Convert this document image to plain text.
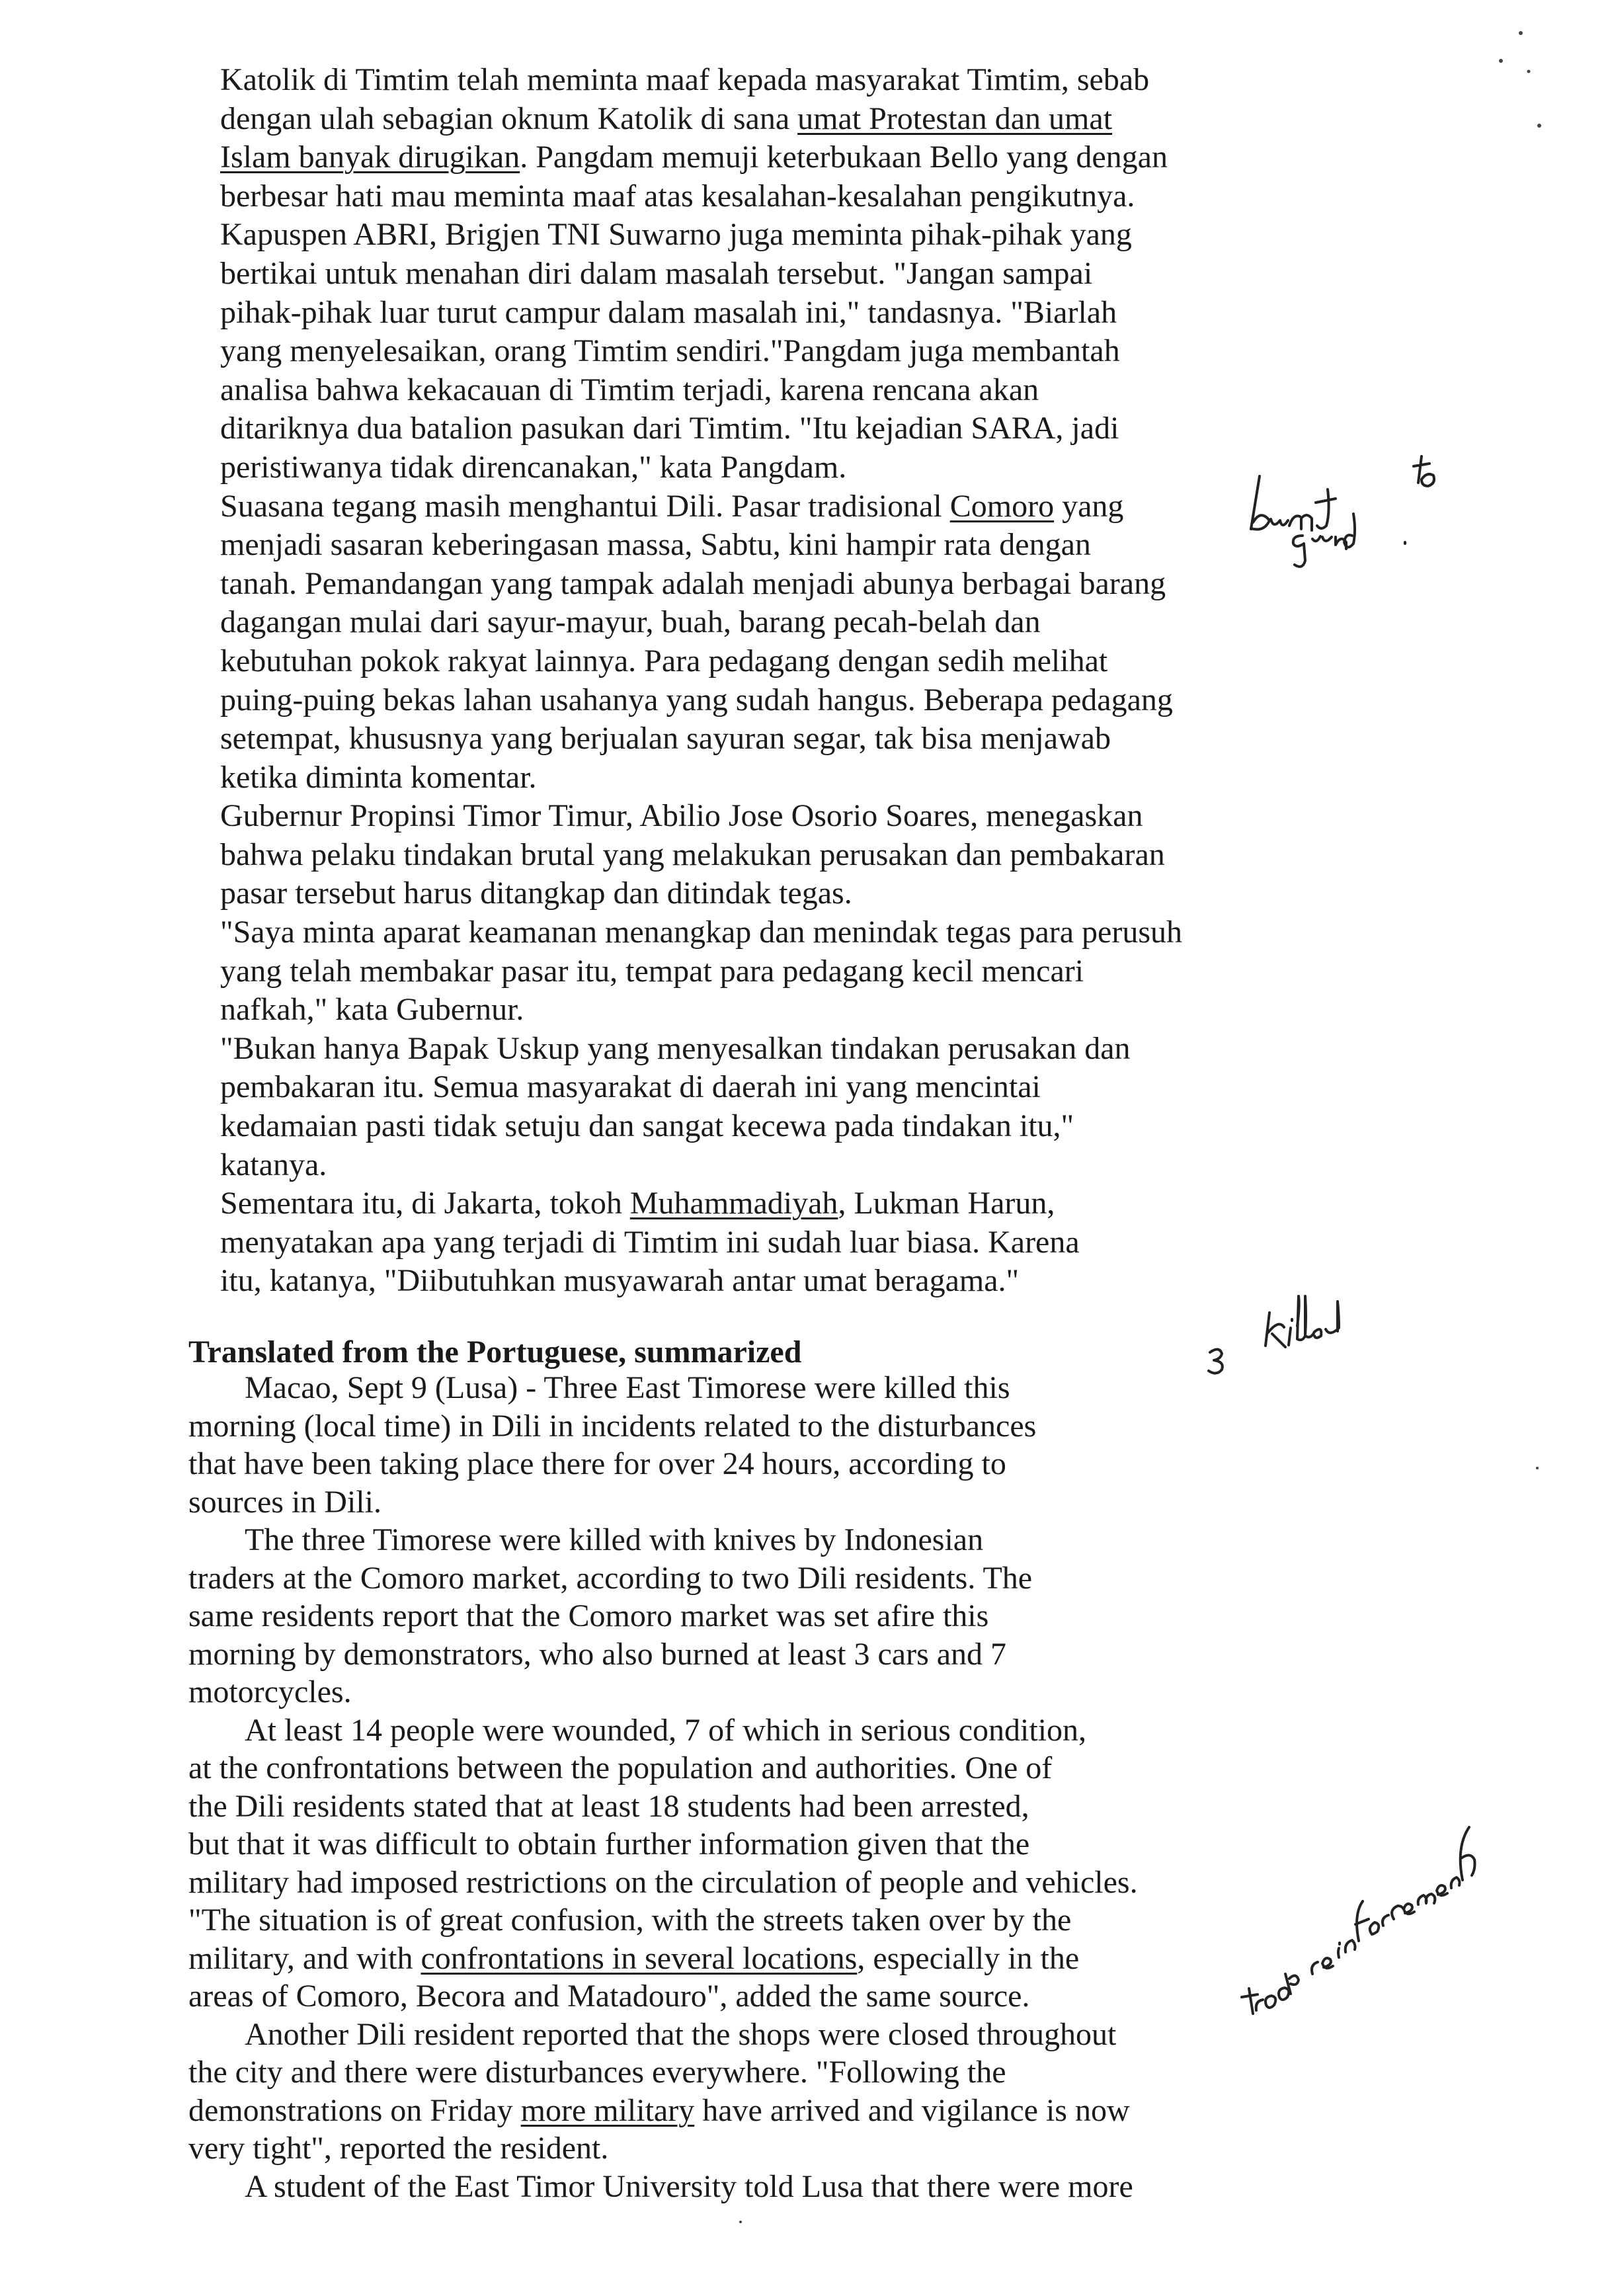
Katolik di Timtim telah meminta maaf kepada masyarakat Timtim, sebab

dengan ulah sebagian oknum Katolik di sana umat Protestan dan umat

Islam banyak dirugikan. Pangdam memuji keterbukaan Bello yang dengan

berbesar hati mau meminta maaf atas kesalahan-kesalahan pengikutnya.

Kapuspen ABRI, Brigjen TNI Suwarno juga meminta pihak-pihak yang

bertikai untuk menahan diri dalam masalah tersebut. "Jangan sampai

pihak-pihak luar turut campur dalam masalah ini," tandasnya. "Biarlah

yang menyelesaikan, orang Timtim sendiri."Pangdam juga membantah

analisa bahwa kekacauan di Timtim terjadi, karena rencana akan

ditariknya dua batalion pasukan dari Timtim. "Itu kejadian SARA, jadi

peristiwanya tidak direncanakan," kata Pangdam.

Suasana tegang masih menghantui Dili. Pasar tradisional Comoro yang

menjadi sasaran keberingasan massa, Sabtu, kini hampir rata dengan

tanah. Pemandangan yang tampak adalah menjadi abunya berbagai barang

dagangan mulai dari sayur-mayur, buah, barang pecah-belah dan

kebutuhan pokok rakyat lainnya. Para pedagang dengan sedih melihat

puing-puing bekas lahan usahanya yang sudah hangus. Beberapa pedagang

setempat, khususnya yang berjualan sayuran segar, tak bisa menjawab

ketika diminta komentar.

Gubernur Propinsi Timor Timur, Abilio Jose Osorio Soares, menegaskan

bahwa pelaku tindakan brutal yang melakukan perusakan dan pembakaran

pasar tersebut harus ditangkap dan ditindak tegas.

"Saya minta aparat keamanan menangkap dan menindak tegas para perusuh

yang telah membakar pasar itu, tempat para pedagang kecil mencari

nafkah," kata Gubernur.

"Bukan hanya Bapak Uskup yang menyesalkan tindakan perusakan dan

pembakaran itu. Semua masyarakat di daerah ini yang mencintai

kedamaian pasti tidak setuju dan sangat kecewa pada tindakan itu,"

katanya.

Sementara itu, di Jakarta, tokoh Muhammadiyah, Lukman Harun,

menyatakan apa yang terjadi di Timtim ini sudah luar biasa. Karena

itu, katanya, "Diibutuhkan musyawarah antar umat beragama."

Translated from the Portuguese, summarized

Macao, Sept 9 (Lusa) - Three East Timorese were killed this

morning (local time) in Dili in incidents related to the disturbances

that have been taking place there for over 24 hours, according to

sources in Dili.

The three Timorese were killed with knives by Indonesian

traders at the Comoro market, according to two Dili residents. The

same residents report that the Comoro market was set afire this

morning by demonstrators, who also burned at least 3 cars and 7

motorcycles.

At least 14 people were wounded, 7 of which in serious condition,

at the confrontations between the population and authorities. One of

the Dili residents stated that at least 18 students had been arrested,

but that it was difficult to obtain further information given that the

military had imposed restrictions on the circulation of people and vehicles.

"The situation is of great confusion, with the streets taken over by the

military, and with confrontations in several locations, especially in the

areas of Comoro, Becora and Matadouro", added the same source.

Another Dili resident reported that the shops were closed throughout

the city and there were disturbances everywhere. "Following the

demonstrations on Friday more military have arrived and vigilance is now

very tight", reported the resident.

A student of the East Timor University told Lusa that there were more
